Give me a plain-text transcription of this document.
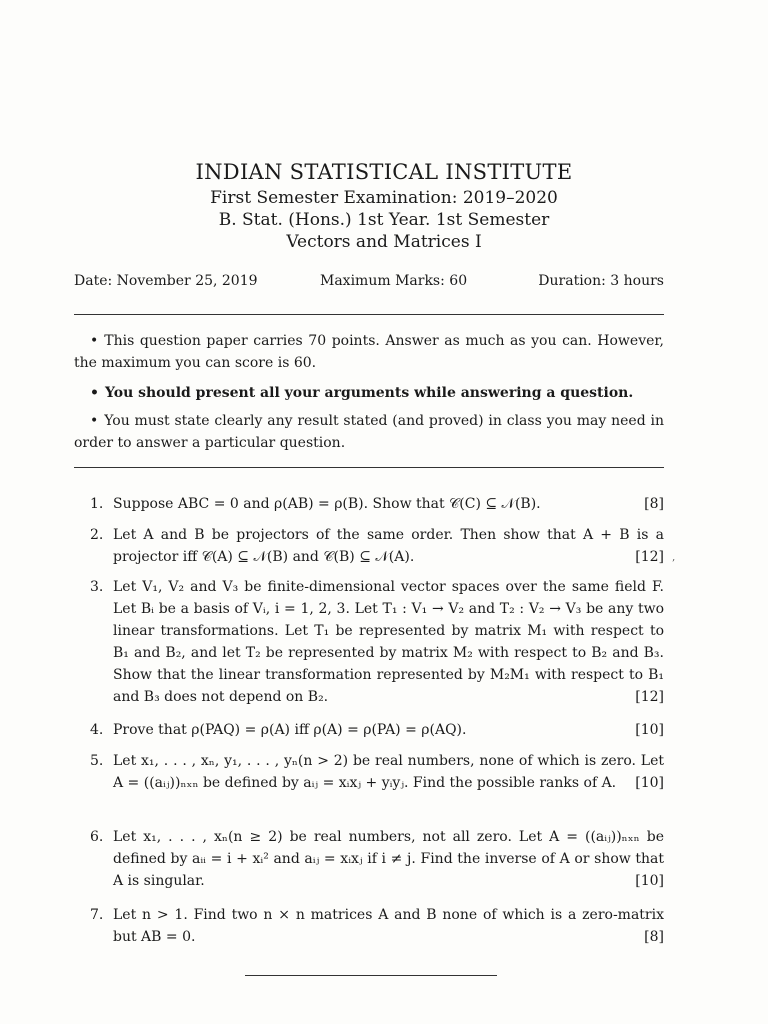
INDIAN STATISTICAL INSTITUTE
First Semester Examination: 2019–2020
B. Stat. (Hons.) 1st Year. 1st Semester
Vectors and Matrices I
Date: November 25, 2019	Maximum Marks: 60	Duration: 3 hours
• This question paper carries 70 points. Answer as much as you can. However, the maximum you can score is 60.
• You should present all your arguments while answering a question.
• You must state clearly any result stated (and proved) in class you may need in order to answer a particular question.
1.	[8]
Suppose ABC = 0 and ρ(AB) = ρ(B). Show that 𝒞(C) ⊆ 𝒩(B).
2. Let A and B be projectors of the same order. Then show that A + B is a projector iff 𝒞(A) ⊆ 𝒩(B) and 𝒞(B) ⊆ 𝒩(A).	[12] ‚
3. Let V₁, V₂ and V₃ be finite-dimensional vector spaces over the same field F. Let Bᵢ be a basis of Vᵢ, i = 1, 2, 3. Let T₁ : V₁ → V₂ and T₂ : V₂ → V₃ be any two linear transformations. Let T₁ be represented by matrix M₁ with respect to B₁ and B₂, and let T₂ be represented by matrix M₂ with respect to B₂ and B₃. Show that the linear transformation represented by M₂M₁ with respect to B₁ and B₃ does not depend on B₂.	[12]
4.	[10]
Prove that ρ(PAQ) = ρ(A) iff ρ(A) = ρ(PA) = ρ(AQ).
5. Let x₁, . . . , xₙ, y₁, . . . , yₙ(n > 2) be real numbers, none of which is zero. Let A = ((aᵢⱼ))ₙₓₙ be defined by aᵢⱼ = xᵢxⱼ + yᵢyⱼ. Find the possible ranks of A. [10]
6. Let x₁, . . . , xₙ(n ≥ 2) be real numbers, not all zero. Let A = ((aᵢⱼ))ₙₓₙ be defined by aᵢᵢ = i + xᵢ² and aᵢⱼ = xᵢxⱼ if i ≠ j. Find the inverse of A or show that A is singular.	[10]
7. Let n > 1. Find two n × n matrices A and B none of which is a zero-matrix but AB = 0.	[8]
